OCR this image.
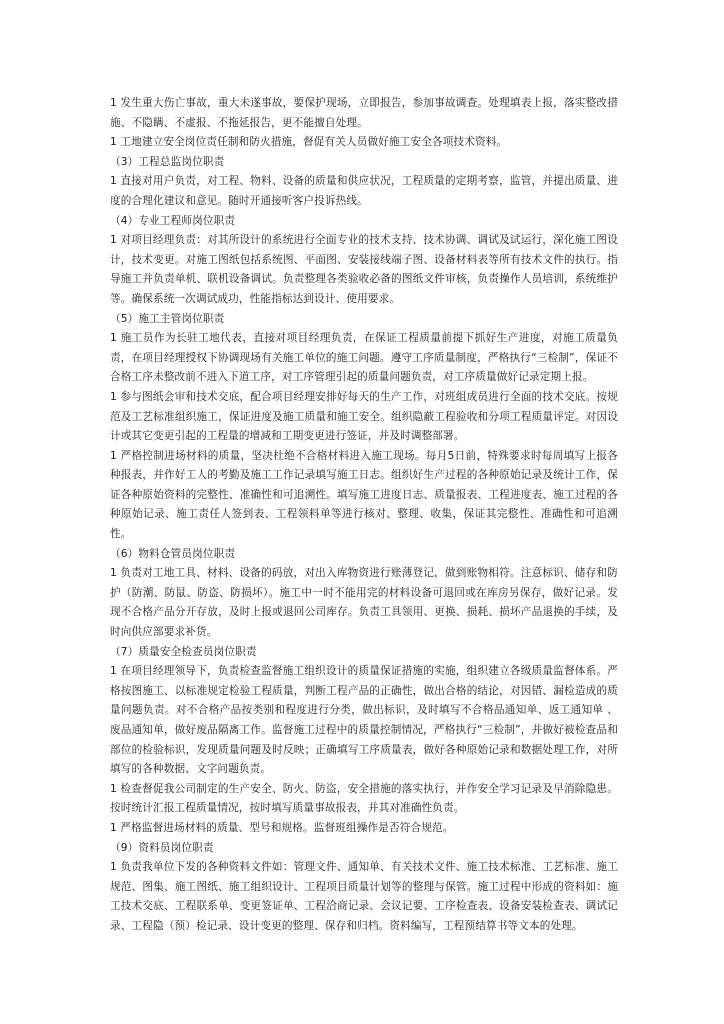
1 发生重大伤亡事故，重大未遂事故，要保护现场，立即报告，参加事故调查。处理填表上报，落实整改措施、不隐瞒、不虚报、不拖延报告，更不能擅自处理。

1 工地建立安全岗位责任制和防火措施，督促有关人员做好施工安全各项技术资料。

（3）工程总监岗位职责

1 直接对用户负责，对工程、物料、设备的质量和供应状况，工程质量的定期考察，监管，并提出质量、进度的合理化建议和意见。随时开通接听客户投诉热线。

（4）专业工程师岗位职责

1 对项目经理负责：对其所设计的系统进行全面专业的技术支持、技术协调、调试及试运行，深化施工图设计，技术变更。对施工图纸包括系统图、平面图、安装接线端子图、设备材料表等所有技术文件的执行。指导施工并负责单机、联机设备调试。负责整理各类验收必备的图纸文件审核，负责操作人员培训，系统维护等。确保系统一次调试成功，性能指标达到设计、使用要求。

（5）施工主管岗位职责

1 施工员作为长驻工地代表，直接对项目经理负责，在保证工程质量前提下抓好生产进度，对施工质量负责，在项目经理授权下协调现场有关施工单位的施工问题。遵守工序质量制度，严格执行“三检制”，保证不合格工序未整改前不进入下道工序，对工序管理引起的质量问题负责，对工序质量做好记录定期上报。

1 参与图纸会审和技术交底，配合项目经理安排好每天的生产工作，对班组成员进行全面的技术交底。按规范及工艺标准组织施工，保证进度及施工质量和施工安全。组织隐蔽工程验收和分项工程质量评定。对因设计或其它变更引起的工程量的增减和工期变更进行签证，并及时调整部署。

1 严格控制进场材料的质量，坚决杜绝不合格材料进入施工现场。每月5日前，特殊要求时每周填写上报各种报表，并作好工人的考勤及施工工作记录填写施工日志。组织好生产过程的各种原始记录及统计工作，保证各种原始资料的完整性、准确性和可追溯性。填写施工进度日志、质量报表、工程进度表、施工过程的各种原始记录、施工责任人签到表、工程领料单等进行核对、整理、收集，保证其完整性、准确性和可追溯性。

（6）物料仓管员岗位职责

1 负责对工地工具、材料、设备的码放，对出入库物资进行账薄登记，做到账物相符。注意标识、储存和防护（防潮、防鼠、防盗、防损坏）。施工中一时不能用完的材料设备可退回或在库房另保存，做好记录。发现不合格产品分开存放，及时上报或退回公司库存。负责工具领用、更换、损耗、损坏产品退换的手续，及时向供应部要求补货。

（7）质量安全检查员岗位职责

1 在项目经理领导下，负责检查监督施工组织设计的质量保证措施的实施，组织建立各级质量监督体系。严格按图施工、以标准规定检验工程质量，判断工程产品的正确性，做出合格的结论，对因错、漏检造成的质量问题负责。对不合格产品按类别和程度进行分类，做出标识，及时填写不合格品通知单、返工通知单 、废品通知单，做好废品隔离工作。监督施工过程中的质量控制情况，严格执行“三检制”，并做好被检查品和部位的检验标识，发现质量问题及时反映；正确填写工序质量表，做好各种原始记录和数据处理工作，对所填写的各种数据、文字问题负责。

1 检查督促我公司制定的生产安全、防火、防盗，安全措施的落实执行，并作安全学习记录及早消除隐患。按时统计汇报工程质量情况，按时填写质量事故报表，并其对准确性负责。

1 严格监督进场材料的质量、型号和规格。监督班组操作是否符合规范。

（9）资料员岗位职责

1 负责我单位下发的各种资料文件如：管理文件、通知单、有关技术文件、施工技术标准、工艺标准、施工规范、图集、施工图纸、施工组织设计、工程项目质量计划等的整理与保管。施工过程中形成的资料如：施工技术交底、工程联系单、变更签证单、工程洽商记录、会议记要、工序检查表、设备安装检查表、调试记录、工程隐（预）检记录、设计变更的整理、保存和归档。资料编写，工程预结算书等文本的处理。
